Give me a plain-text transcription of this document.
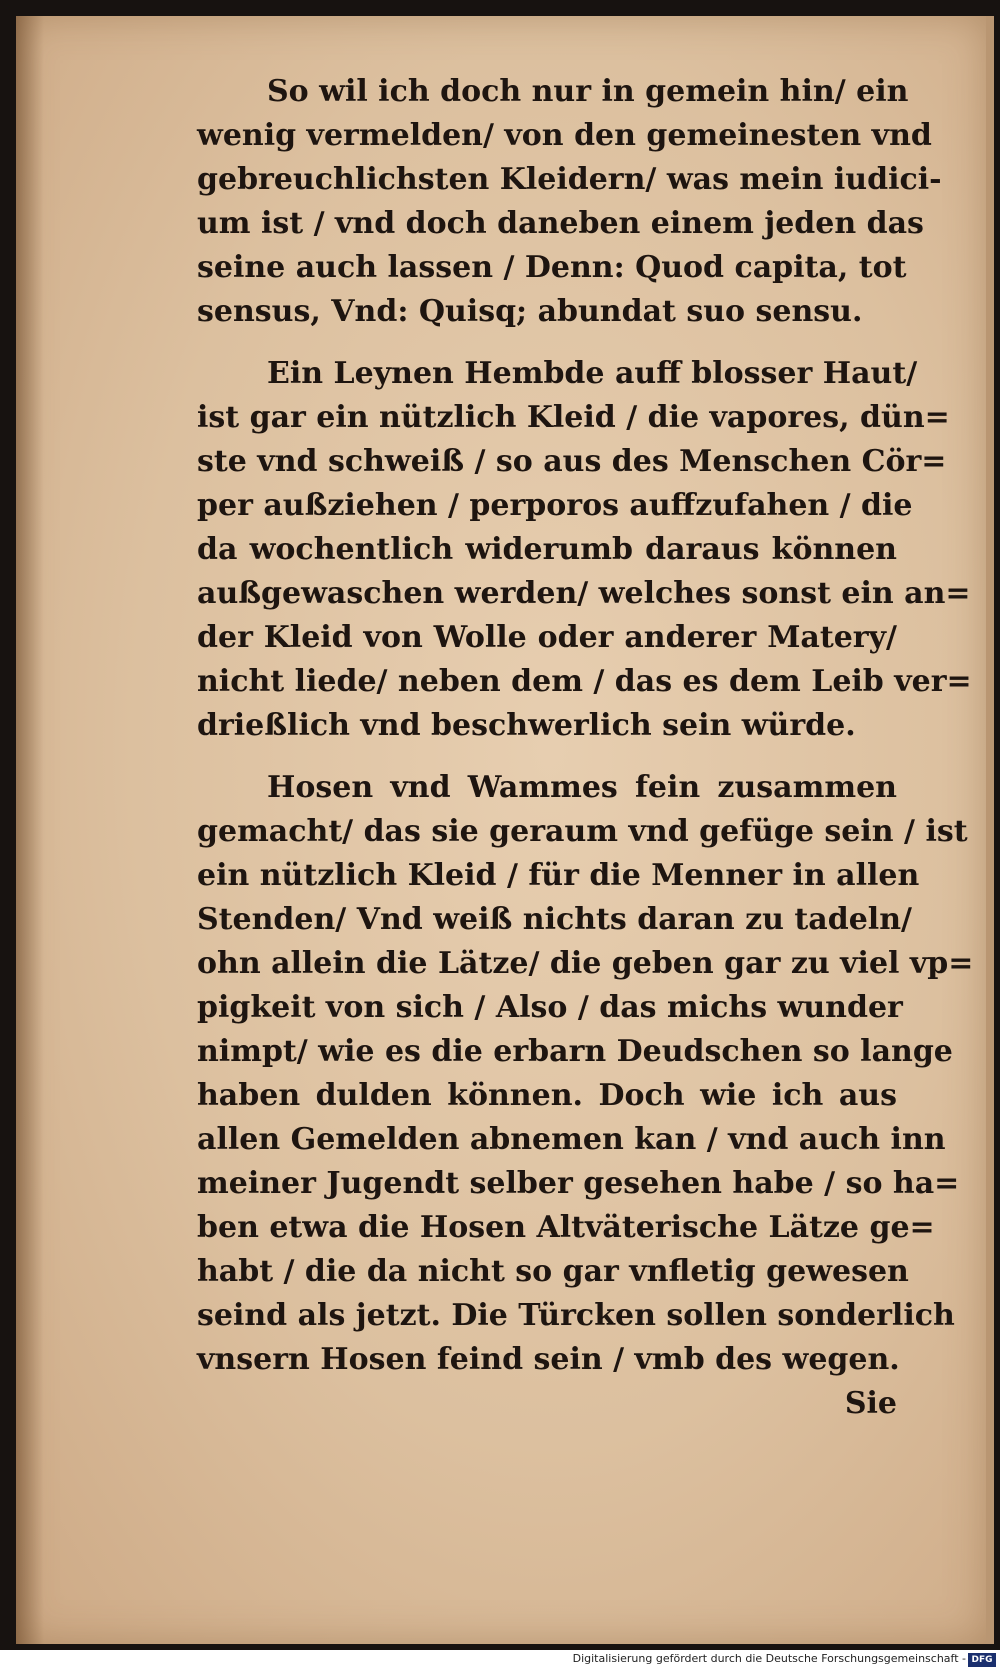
So wil ich doch nur in gemein hin/ ein

wenig vermelden/ von den gemeinesten vnd

gebreuchlichsten Kleidern/ was mein iudici-

um ist / vnd doch daneben einem jeden das

seine auch lassen / Denn: Quod capita, tot

sensus, Vnd: Quisq; abundat suo sensu.

Ein Leynen Hembde auff blosser Haut/

ist gar ein nützlich Kleid / die vapores, dün=

ste vnd schweiß / so aus des Menschen Cör=

per außziehen / perporos auffzufahen / die

da wochentlich widerumb daraus können

außgewaschen werden/ welches sonst ein an=

der Kleid von Wolle oder anderer Matery/

nicht liede/ neben dem / das es dem Leib ver=

drießlich vnd beschwerlich sein würde.

Hosen vnd Wammes fein zusammen

gemacht/ das sie geraum vnd gefüge sein / ist

ein nützlich Kleid / für die Menner in allen

Stenden/ Vnd weiß nichts daran zu tadeln/

ohn allein die Lätze/ die geben gar zu viel vp=

pigkeit von sich / Also / das michs wunder

nimpt/ wie es die erbarn Deudschen so lange

haben dulden können. Doch wie ich aus

allen Gemelden abnemen kan / vnd auch inn

meiner Jugendt selber gesehen habe / so ha=

ben etwa die Hosen Altväterische Lätze ge=

habt / die da nicht so gar vnfletig gewesen

seind als jetzt. Die Türcken sollen sonderlich

vnsern Hosen feind sein / vmb des wegen.

Sie

Digitalisierung gefördert durch die Deutsche Forschungsgemeinschaft - DFG
